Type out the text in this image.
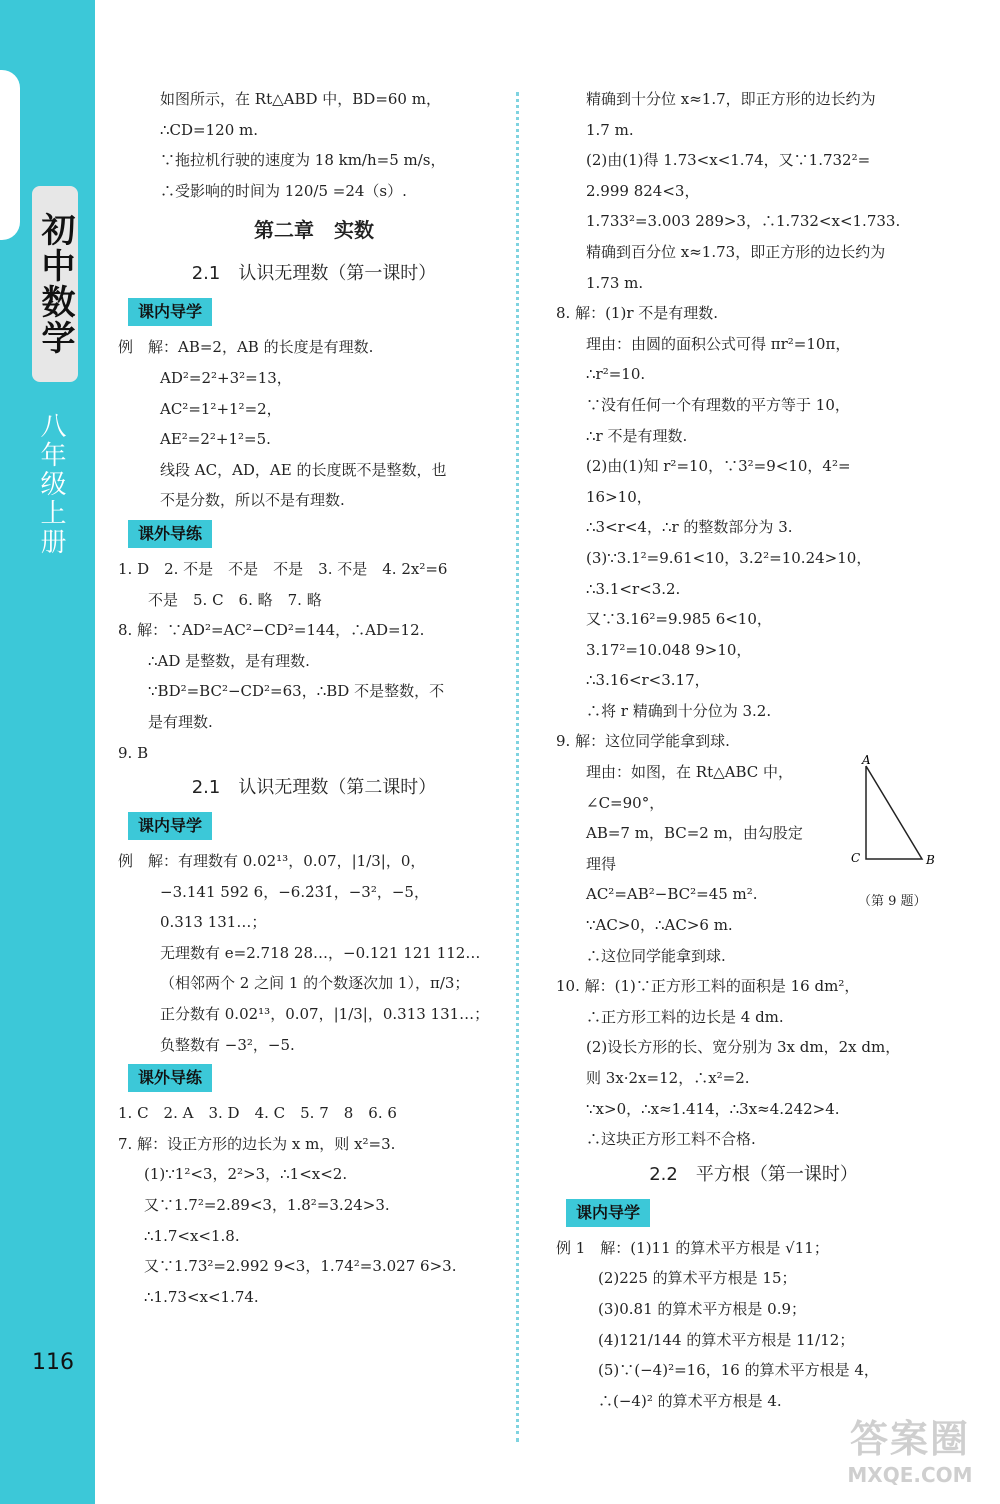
初中数学
八年级上册
116
如图所示，在 Rt△ABD 中，BD=60 m，
∴CD=120 m.
∵拖拉机行驶的速度为 18 km/h=5 m/s，
∴受影响的时间为 120/5 =24（s）.
第二章　实数
2.1　认识无理数（第一课时）
课内导学
例　解：AB=2，AB 的长度是有理数.
AD²=2²+3²=13，
AC²=1²+1²=2，
AE²=2²+1²=5.
线段 AC，AD，AE 的长度既不是整数，也
不是分数，所以不是有理数.
课外导练
1. D　2. 不是　不是　不是　3. 不是　4. 2x²=6
不是　5. C　6. 略　7. 略
8. 解：∵AD²=AC²−CD²=144，∴AD=12.
∴AD 是整数，是有理数.
∵BD²=BC²−CD²=63，∴BD 不是整数，不
是有理数.
9. B
2.1　认识无理数（第二课时）
课内导学
例　解：有理数有 0.02¹³，0.07，|1/3|，0，
−3.141 592 6，−6.2̇3̇1̇，−3²，−5，
0.313 131…；
无理数有 e=2.718 28…，−0.121 121 112…
（相邻两个 2 之间 1 的个数逐次加 1），π/3；
正分数有 0.02¹³，0.07，|1/3|，0.313 131…；
负整数有 −3²，−5.
课外导练
1. C　2. A　3. D　4. C　5. 7　8　6. 6
7. 解：设正方形的边长为 x m，则 x²=3.
(1)∵1²<3，2²>3，∴1<x<2.
又∵1.7²=2.89<3，1.8²=3.24>3.
∴1.7<x<1.8.
又∵1.73²=2.992 9<3，1.74²=3.027 6>3.
∴1.73<x<1.74.
精确到十分位 x≈1.7，即正方形的边长约为
1.7 m.
(2)由(1)得 1.73<x<1.74，又∵1.732²=
2.999 824<3，
1.733²=3.003 289>3，∴1.732<x<1.733.
精确到百分位 x≈1.73，即正方形的边长约为
1.73 m.
8. 解：(1)r 不是有理数.
理由：由圆的面积公式可得 πr²=10π，
∴r²=10.
∵没有任何一个有理数的平方等于 10，
∴r 不是有理数.
(2)由(1)知 r²=10，∵3²=9<10，4²=
16>10，
∴3<r<4，∴r 的整数部分为 3.
(3)∵3.1²=9.61<10，3.2²=10.24>10，
∴3.1<r<3.2.
又∵3.16²=9.985 6<10，
3.17²=10.048 9>10，
∴3.16<r<3.17，
∴将 r 精确到十分位为 3.2.
9. 解：这位同学能拿到球.
理由：如图，在 Rt△ABC 中，
∠C=90°，
AB=7 m，BC=2 m，由勾股定
理得
AC²=AB²−BC²=45 m².
∵AC>0，∴AC>6 m.
∴这位同学能拿到球.
10. 解：(1)∵正方形工料的面积是 16 dm²，
∴正方形工料的边长是 4 dm.
(2)设长方形的长、宽分别为 3x dm，2x dm，
则 3x·2x=12，∴x²=2.
∵x>0，∴x≈1.414，∴3x≈4.242>4.
∴这块正方形工料不合格.
2.2　平方根（第一课时）
课内导学
例 1　解：(1)11 的算术平方根是 √11；
(2)225 的算术平方根是 15；
(3)0.81 的算术平方根是 0.9；
(4)121/144 的算术平方根是 11/12；
(5)∵(−4)²=16，16 的算术平方根是 4，
∴(−4)² 的算术平方根是 4.
A
C	B
（第 9 题）
答案圈
MXQE.COM
